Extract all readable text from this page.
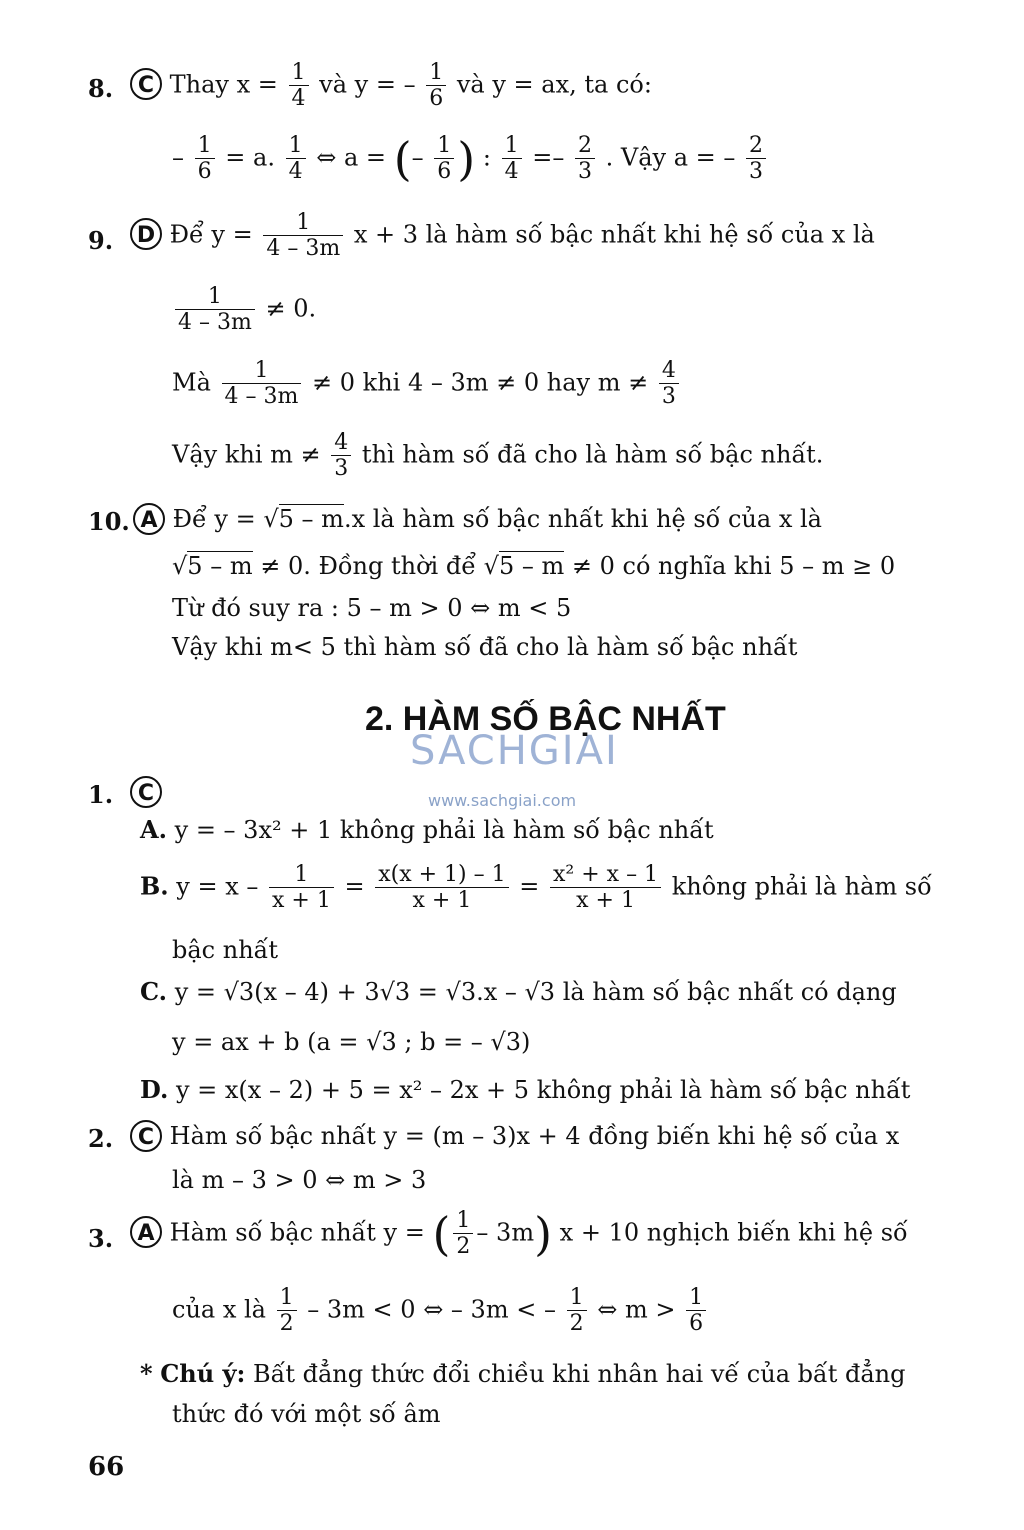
8.	C Thay $x = \frac{1}{4}$ và y = – $\frac{1}{6}$ và y = ax, ta có:
– $\frac{1}{6} = a$. $\frac{1}{4}$ ⇔ a = (– $\frac{1}{6}$ ) : $\frac{1}{4} =- \frac{2}{3}$ . Vậy a = – $\frac{2}{3}$
9.	D Để $y = \frac{1}{4 - 3m}$ x + 3 là hàm số bậc nhất khi hệ số của x là
$\frac{1}{4 - 3m} \ne 0$.
Mà $\frac{1}{4 - 3m} \ne 0$ khi 4 – 3m ≠ 0 hay $m \ne \frac{4}{3}$
Vậy khi $m \ne \frac{4}{3}$ thì hàm số đã cho là hàm số bậc nhất.
10. A Để y = √5 – m.x là hàm số bậc nhất khi hệ số của x là
√5 – m ≠ 0. Đồng thời để √5 – m ≠ 0 có nghĩa khi 5 – m ≥ 0
Từ đó suy ra : 5 – m > 0 ⇔ m < 5
Vậy khi m< 5 thì hàm số đã cho là hàm số bậc nhất
SACHGIAI
2. HÀM SỐ BẬC NHẤT
www.sachgiai.com
1.	C
A. y = – 3x² + 1 không phải là hàm số bậc nhất
B. $y = x - \frac{1}{x + 1} = \frac{x(x + 1) - 1}{x + 1} = \frac{\text{x² + x – 1}}{x + 1}$ không phải là hàm số
bậc nhất
C. y = √3(x – 4) + 3√3 = √3.x – √3 là hàm số bậc nhất có dạng
y = ax + b (a = √3 ; b = – √3)
D. y = x(x – 2) + 5 = x² – 2x + 5 không phải là hàm số bậc nhất
2.	C Hàm số bậc nhất y = (m – 3)x + 4 đồng biến khi hệ số của x
là m – 3 > 0 ⇔ m > 3
3.	A Hàm số bậc nhất y = ( $\frac{1}{2} - 3m$) x + 10 nghịch biến khi hệ số
của x là $\frac{1}{2} - 3m < 0$ ⇔ – 3m < – $\frac{1}{2}$ ⇔ $m > \frac{1}{6}$
* Chú ý: Bất đẳng thức đổi chiều khi nhân hai vế của bất đẳng
thức đó với một số âm
66
